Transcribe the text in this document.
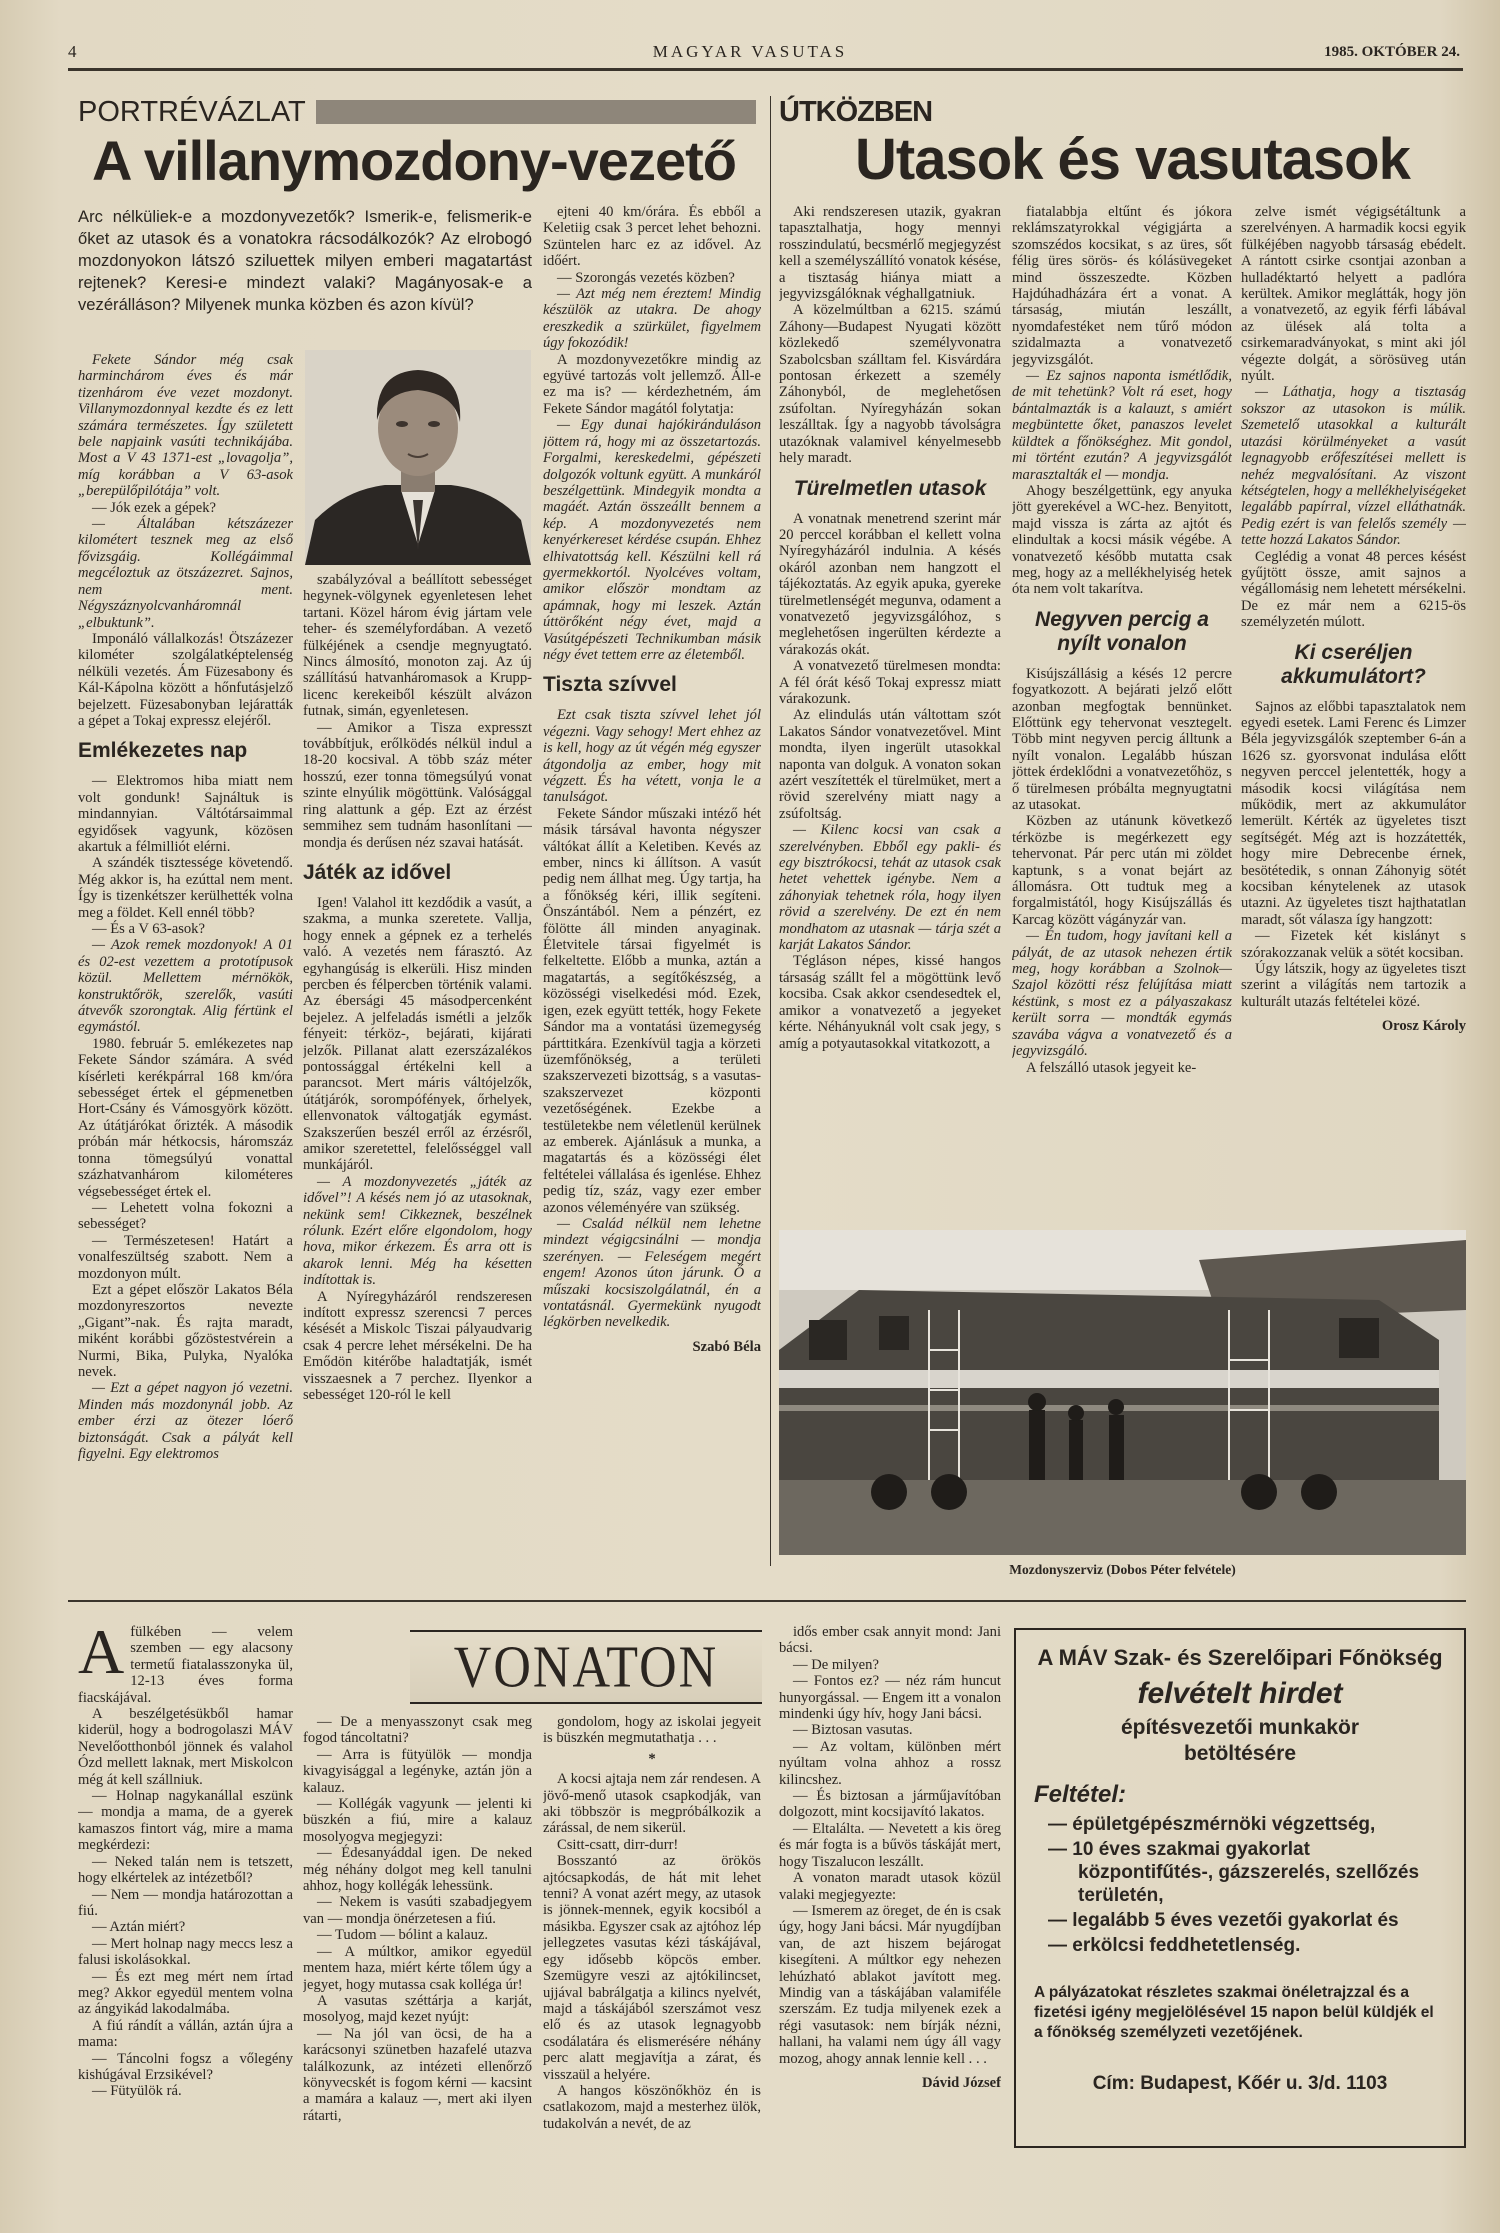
4	MAGYAR VASUTAS	1985. OKTÓBER 24.
PORTRÉVÁZLAT
A villanymozdony-vezető
Arc nélküliek-e a mozdonyvezetők? Ismerik-e, felismerik-e őket az utasok és a vonatokra rácsodálkozók? Az elrobogó mozdonyokon látszó sziluettek milyen emberi magatartást rejtenek? Keresi-e mindezt valaki? Magányosak-e a vezérálláson? Milyenek munka közben és azon kívül?

Fekete Sándor még csak harminchárom éves és már tizenhárom éve vezet mozdonyt. Villanymozdonnyal kezdte és ez lett számára természetes. Így született bele napjaink vasúti technikájába. Most a V 43 1371-est „lovagolja”, míg korábban a V 63-asok „berepülőpilótája” volt.

— Jók ezek a gépek?

— Általában kétszázezer kilométert tesznek meg az első fővizsgáig. Kollégáimmal megcéloztuk az ötszázezret. Sajnos, nem ment. Négyszáznyolcvanháromnál „elbuktunk”.

Imponáló vállalkozás! Ötszázezer kilométer szolgálatképtelenség nélküli vezetés. Ám Füzesabony és Kál-Kápolna között a hőnfutásjelző bejelzett. Füzesabonyban lejáratták a gépet a Tokaj expressz elejéről.

Emlékezetes nap

— Elektromos hiba miatt nem volt gondunk! Sajnáltuk is mindannyian. Váltótársaimmal egyidősek vagyunk, közösen akartuk a félmilliót elérni.

A szándék tisztessége követendő. Még akkor is, ha ezúttal nem ment. Így is tizenkétszer kerülhették volna meg a földet. Kell ennél több?

— És a V 63-asok?

— Azok remek mozdonyok! A 01 és 02-est vezettem a prototípusok közül. Mellettem mérnökök, konstruktőrök, szerelők, vasúti átvevők szorongtak. Alig fértünk el egymástól.

1980. február 5. emlékezetes nap Fekete Sándor számára. A svéd kísérleti kerékpárral 168 km/óra sebességet értek el gépmenetben Hort-Csány és Vámosgyörk között. Az útátjárókat őrizték. A második próbán már hétkocsis, háromszáz tonna tömegsúlyú vonattal százhatvanhárom kilométeres végsebességet értek el.

— Lehetett volna fokozni a sebességet?

— Természetesen! Határt a vonalfeszültség szabott. Nem a mozdonyon múlt.

Ezt a gépet először Lakatos Béla mozdonyreszortos nevezte „Gigant”-nak. És rajta maradt, miként korábbi gőzöstestvérein a Nurmi, Bika, Pulyka, Nyalóka nevek.

— Ezt a gépet nagyon jó vezetni. Minden más mozdonynál jobb. Az ember érzi az ötezer lóerő biztonságát. Csak a pályát kell figyelni. Egy elektromos

szabályzóval a beállított sebességet hegynek-völgynek egyenletesen lehet tartani. Közel három évig jártam vele teher- és személyfordában. A vezető fülkéjének a csendje megnyugtató. Nincs álmosító, monoton zaj. Az új szállítású hatvanháromasok a Krupp-licenc kerekeiből készült alvázon futnak, simán, egyenletesen.

— Amikor a Tisza expresszt továbbítjuk, erőlködés nélkül indul a 18-20 kocsival. A több száz méter hosszú, ezer tonna tömegsúlyú vonat szinte elnyúlik mögöttünk. Valósággal ring alattunk a gép. Ezt az érzést semmihez sem tudnám hasonlítani — mondja és derűsen néz szavai hatását.

Játék az idővel

Igen! Valahol itt kezdődik a vasút, a szakma, a munka szeretete. Vallja, hogy ennek a gépnek ez a terhelés való. A vezetés nem fárasztó. Az egyhangúság is elkerüli. Hisz minden percben és félpercben történik valami. Az ébersági 45 másodpercenként bejelez. A jelfeladás ismétli a jelzők fényeit: térköz-, bejárati, kijárati jelzők. Pillanat alatt ezerszázalékos pontossággal értékelni kell a parancsot. Mert máris váltójelzők, útátjárók, sorompófények, őrhelyek, ellenvonatok váltogatják egymást. Szakszerűen beszél erről az érzésről, amikor szeretettel, felelősséggel vall munkájáról.

— A mozdonyvezetés „játék az idővel”! A késés nem jó az utasoknak, nekünk sem! Cikkeznek, beszélnek rólunk. Ezért előre elgondolom, hogy hova, mikor érkezem. És arra ott is akarok lenni. Még ha késetten indítottak is.

A Nyíregyházáról rendszeresen indított expressz szerencsi 7 perces késését a Miskolc Tiszai pályaudvarig csak 4 percre lehet mérsékelni. De ha Emődön kitérőbe haladtatják, ismét visszaesnek a 7 perchez. Ilyenkor a sebességet 120-ról le kell

ejteni 40 km/órára. És ebből a Keletiig csak 3 percet lehet behozni. Szüntelen harc ez az idővel. Az időért.

— Szorongás vezetés közben?

— Azt még nem éreztem! Mindig készülök az utakra. De ahogy ereszkedik a szürkület, figyelmem úgy fokozódik!

A mozdonyvezetőkre mindig az együvé tartozás volt jellemző. Áll-e ez ma is? — kérdezhetném, ám Fekete Sándor magától folytatja:

— Egy dunai hajókiránduláson jöttem rá, hogy mi az összetartozás. Forgalmi, kereskedelmi, gépészeti dolgozók voltunk együtt. A munkáról beszélgettünk. Mindegyik mondta a magáét. Aztán összeállt bennem a kép. A mozdonyvezetés nem kenyérkereset kérdése csupán. Ehhez elhivatottság kell. Készülni kell rá gyermekkortól. Nyolcéves voltam, amikor először mondtam az apámnak, hogy mi leszek. Aztán úttörőként négy évet, majd a Vasútgépészeti Technikumban másik négy évet tettem erre az életemből.

Tiszta szívvel

Ezt csak tiszta szívvel lehet jól végezni. Vagy sehogy! Mert ehhez az is kell, hogy az út végén még egyszer átgondolja az ember, hogy mit végzett. És ha vétett, vonja le a tanulságot.

Fekete Sándor műszaki intéző hét másik társával havonta négyszer váltókat állít a Keletiben. Kevés az ember, nincs ki állítson. A vasút pedig nem állhat meg. Úgy tartja, ha a főnökség kéri, illik segíteni. Önszántából. Nem a pénzért, ez fölötte áll minden anyaginak. Életvitele társai figyelmét is felkeltette. Előbb a munka, aztán a magatartás, a segítőkészség, a közösségi viselkedési mód. Ezek, igen, ezek együtt tették, hogy Fekete Sándor ma a vontatási üzemegység párttitkára. Ezenkívül tagja a körzeti üzemfőnökség, a területi szakszervezeti bizottság, s a vasutas-szakszervezet központi vezetőségének. Ezekbe a testületekbe nem véletlenül kerülnek az emberek. Ajánlásuk a munka, a magatartás és a közösségi élet feltételei vállalása és igenlése. Ehhez pedig tíz, száz, vagy ezer ember azonos véleményére van szükség.

— Család nélkül nem lehetne mindezt végigcsinálni — mondja szerényen. — Feleségem megért engem! Azonos úton járunk. Ő a műszaki kocsiszolgálatnál, én a vontatásnál. Gyermekünk nyugodt légkörben nevelkedik.

Szabó Béla

ÚTKÖZBEN
Utasok és vasutasok

Aki rendszeresen utazik, gyakran tapasztalhatja, hogy mennyi rosszindulatú, becsmérlő megjegyzést kell a személyszállító vonatok késése, a tisztaság hiánya miatt a jegyvizsgálóknak véghallgatniuk.

A közelmúltban a 6215. számú Záhony—Budapest Nyugati között közlekedő személyvonatra Szabolcsban szálltam fel. Kisvárdára pontosan érkezett a személy Záhonyból, de meglehetősen zsúfoltan. Nyíregyházán sokan leszálltak. Így a nagyobb távolságra utazóknak valamivel kényelmesebb hely maradt.

Türelmetlen utasok

A vonatnak menetrend szerint már 20 perccel korábban el kellett volna Nyíregyházáról indulnia. A késés okáról azonban nem hangzott el tájékoztatás. Az egyik apuka, gyereke türelmetlenségét megunva, odament a vonatvezető jegyvizsgálóhoz, s meglehetősen ingerülten kérdezte a várakozás okát.

A vonatvezető türelmesen mondta: A fél órát késő Tokaj expressz miatt várakozunk.

Az elindulás után váltottam szót Lakatos Sándor vonatvezetővel. Mint mondta, ilyen ingerült utasokkal naponta van dolguk. A vonaton sokan azért veszítették el türelmüket, mert a rövid szerelvény miatt nagy a zsúfoltság.

— Kilenc kocsi van csak a szerelvényben. Ebből egy pakli- és egy bisztrókocsi, tehát az utasok csak hetet vehettek igénybe. Nem a záhonyiak tehetnek róla, hogy ilyen rövid a szerelvény. De ezt én nem mondhatom az utasnak — tárja szét a karját Lakatos Sándor.

Tégláson népes, kissé hangos társaság szállt fel a mögöttünk levő kocsiba. Csak akkor csendesedtek el, amikor a vonatvezető a jegyeket kérte. Néhányuknál volt csak jegy, s amíg a potyautasokkal vitatkozott, a

fiatalabbja eltűnt és jókora reklámszatyrokkal végigjárta a szomszédos kocsikat, s az üres, sőt félig üres sörös- és kólásüvegeket mind összeszedte. Közben Hajdúhadházára ért a vonat. A társaság, miután leszállt, nyomdafestéket nem tűrő módon szidalmazta a vonatvezető jegyvizsgálót.

— Ez sajnos naponta ismétlődik, de mit tehetünk? Volt rá eset, hogy bántalmazták is a kalauzt, s amiért megbüntette őket, panaszos levelet küldtek a főnökséghez. Mit gondol, mi történt ezután? A jegyvizsgálót marasztalták el — mondja.

Ahogy beszélgettünk, egy anyuka jött gyerekével a WC-hez. Benyitott, majd vissza is zárta az ajtót és elindultak a kocsi másik végébe. A vonatvezető később mutatta csak meg, hogy az a mellékhelyiség hetek óta nem volt takarítva.

Negyven percig a nyílt vonalon

Kisújszállásig a késés 12 percre fogyatkozott. A bejárati jelző előtt azonban megfogtak bennünket. Előttünk egy tehervonat vesztegelt. Több mint negyven percig álltunk a nyílt vonalon. Legalább húszan jöttek érdeklődni a vonatvezetőhöz, s ő türelmesen próbálta megnyugtatni az utasokat.

Közben az utánunk következő térközbe is megérkezett egy tehervonat. Pár perc után mi zöldet kaptunk, s a vonat bejárt az állomásra. Ott tudtuk meg a forgalmistától, hogy Kisújszállás és Karcag között vágányzár van.

— Én tudom, hogy javítani kell a pályát, de az utasok nehezen értik meg, hogy korábban a Szolnok—Szajol közötti rész felújítása miatt késtünk, s most ez a pályaszakasz került sorra — mondták egymás szavába vágva a vonatvezető és a jegyvizsgáló.

A felszálló utasok jegyeit ke-

zelve ismét végigsétáltunk a szerelvényen. A harmadik kocsi egyik fülkéjében nagyobb társaság ebédelt. A rántott csirke csontjai azonban a hulladéktartó helyett a padlóra kerültek. Amikor meglátták, hogy jön a vonatvezető, az egyik férfi lábával az ülések alá tolta a csirkemaradványokat, s mint aki jól végezte dolgát, a sörösüveg után nyúlt.

— Láthatja, hogy a tisztaság sokszor az utasokon is múlik. Szemetelő utasokkal a kulturált utazási körülményeket a vasút legnagyobb erőfeszítései mellett is nehéz megvalósítani. Az viszont kétségtelen, hogy a mellékhelyiségeket legalább papírral, vízzel elláthatnák. Pedig ezért is van felelős személy — tette hozzá Lakatos Sándor.

Ceglédig a vonat 48 perces késést gyűjtött össze, amit sajnos a végállomásig nem lehetett mérsékelni. De ez már nem a 6215-ös személyzetén múlott.

Ki cseréljen akkumulátort?

Sajnos az előbbi tapasztalatok nem egyedi esetek. Lami Ferenc és Limzer Béla jegyvizsgálók szeptember 6-án a 1626 sz. gyorsvonat indulása előtt negyven perccel jelentették, hogy a második kocsi világítása nem működik, mert az akkumulátor lemerült. Kérték az ügyeletes tiszt segítségét. Még azt is hozzátették, hogy mire Debrecenbe érnek, besötétedik, s onnan Záhonyig sötét kocsiban kénytelenek az utasok utazni. Az ügyeletes tiszt hajthatatlan maradt, sőt válasza így hangzott:

— Fizetek két kislányt s szórakozzanak velük a sötét kocsiban.

Úgy látszik, hogy az ügyeletes tiszt szerint a világítás nem tartozik a kulturált utazás feltételei közé.

Orosz Károly

Mozdonyszerviz (Dobos Péter felvétele)

Afülkében — velem szemben — egy alacsony termetű fiatalasszonyka ül, 12-13 éves forma fiacskájával.

A beszélgetésükből hamar kiderül, hogy a bodrogolaszi MÁV Nevelőotthonból jönnek és valahol Ózd mellett laknak, mert Miskolcon még át kell szállniuk.

— Holnap nagykanállal eszünk — mondja a mama, de a gyerek kamaszos fintort vág, mire a mama megkérdezi:

— Neked talán nem is tetszett, hogy elkértelek az intézetből?

— Nem — mondja határozottan a fiú.

— Aztán miért?

— Mert holnap nagy meccs lesz a falusi iskolásokkal.

— És ezt meg mért nem írtad meg? Akkor egyedül mentem volna az ángyikád lakodalmába.

A fiú rándít a vállán, aztán újra a mama:

— Táncolni fogsz a vőlegény kishúgával Erzsikével?

— Fütyülök rá.

VONATON

— De a menyasszonyt csak meg fogod táncoltatni?

— Arra is fütyülök — mondja kivagyisággal a legényke, aztán jön a kalauz.

— Kollégák vagyunk — jelenti ki büszkén a fiú, mire a kalauz mosolyogva megjegyzi:

— Édesanyáddal igen. De neked még néhány dolgot meg kell tanulni ahhoz, hogy kollégák lehessünk.

— Nekem is vasúti szabadjegyem van — mondja önérzetesen a fiú.

— Tudom — bólint a kalauz.

— A múltkor, amikor egyedül mentem haza, miért kérte tőlem úgy a jegyet, hogy mutassa csak kolléga úr!

A vasutas széttárja a karját, mosolyog, majd kezet nyújt:

— Na jól van öcsi, de ha a karácsonyi szünetben hazafelé utazva találkozunk, az intézeti ellenőrző könyvecskét is fogom kérni — kacsint a mamára a kalauz —, mert aki ilyen rátarti,

gondolom, hogy az iskolai jegyeit is büszkén megmutathatja . . .

*

A kocsi ajtaja nem zár rendesen. A jövő-menő utasok csapkodják, van aki többször is megpróbálkozik a zárással, de nem sikerül.

Csitt-csatt, dirr-durr!

Bosszantó az örökös ajtócsapkodás, de hát mit lehet tenni? A vonat azért megy, az utasok is jönnek-mennek, egyik kocsiból a másikba. Egyszer csak az ajtóhoz lép jellegzetes vasutas kézi táskájával, egy idősebb köpcös ember. Szemügyre veszi az ajtókilincset, ujjával babrálgatja a kilincs nyelvét, majd a táskájából szerszámot vesz elő és az utasok legnagyobb csodálatára és elismerésére néhány perc alatt megjavítja a zárat, és visszaül a helyére.

A hangos köszönőkhöz én is csatlakozom, majd a mesterhez ülök, tudakolván a nevét, de az

idős ember csak annyit mond: Jani bácsi.

— De milyen?

— Fontos ez? — néz rám huncut hunyorgással. — Engem itt a vonalon mindenki úgy hív, hogy Jani bácsi.

— Biztosan vasutas.

— Az voltam, különben mért nyúltam volna ahhoz a rossz kilincshez.

— És biztosan a járműjavítóban dolgozott, mint kocsijavító lakatos.

— Eltalálta. — Nevetett a kis öreg és már fogta is a bűvös táskáját mert, hogy Tiszalucon leszállt.

A vonaton maradt utasok közül valaki megjegyezte:

— Ismerem az öreget, de én is csak úgy, hogy Jani bácsi. Már nyugdíjban van, de azt hiszem bejárogat kisegíteni. A múltkor egy nehezen lehúzható ablakot javított meg. Mindig van a táskájában valamiféle szerszám. Ez tudja milyenek ezek a régi vasutasok: nem bírják nézni, hallani, ha valami nem úgy áll vagy mozog, ahogy annak lennie kell . . .

Dávid József

A MÁV Szak- és Szerelőipari Főnökség
felvételt hirdet
építésvezetői munkakör betöltésére
Feltétel:
— épületgépészmérnöki végzettség,
— 10 éves szakmai gyakorlat központifűtés-, gázszerelés, szellőzés területén,
— legalább 5 éves vezetői gyakorlat és
— erkölcsi feddhetetlenség.
A pályázatokat részletes szakmai önéletrajzzal és a fizetési igény megjelölésével 15 napon belül küldjék el a főnökség személyzeti vezetőjének.
Cím: Budapest, Kőér u. 3/d. 1103
